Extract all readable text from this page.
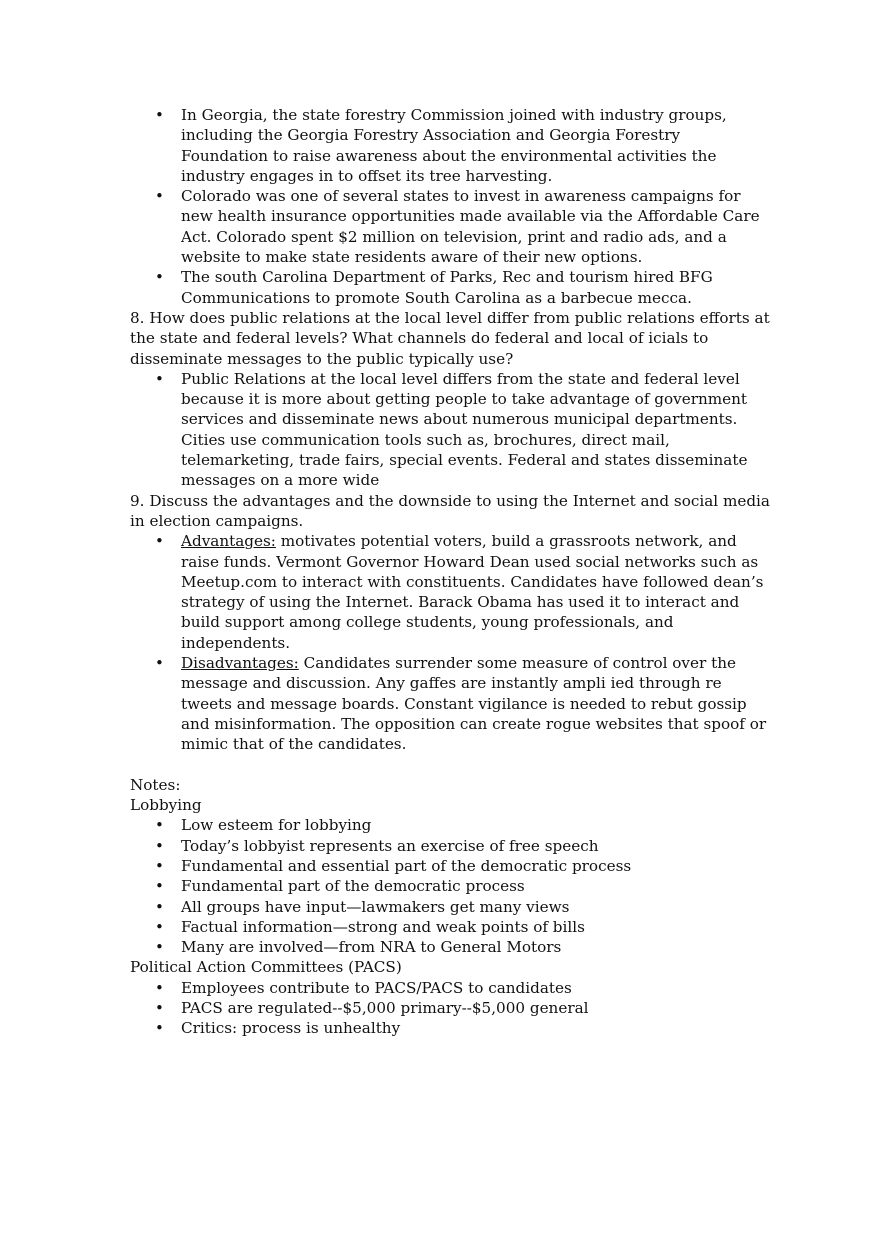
• In Georgia, the state forestry Commission joined with industry groups, including the Georgia Forestry Association and Georgia Forestry Foundation to raise awareness about the environmental activities the industry engages in to offset its tree harvesting.
• Colorado was one of several states to invest in awareness campaigns for new health insurance opportunities made available via the Affordable Care Act. Colorado spent $2 million on television, print and radio ads, and a website to make state residents aware of their new options.
• The south Carolina Department of Parks, Rec and tourism hired BFG Communications to promote South Carolina as a barbecue mecca.

8. How does public relations at the local level differ from public relations efforts at the state and federal levels? What channels do federal and local of icials to disseminate messages to the public typically use?

• Public Relations at the local level differs from the state and federal level because it is more about getting people to take advantage of government services and disseminate news about numerous municipal departments. Cities use communication tools such as, brochures, direct mail, telemarketing, trade fairs, special events. Federal and states disseminate messages on a more wide

9. Discuss the advantages and the downside to using the Internet and social media in election campaigns.

• Advantages: motivates potential voters, build a grassroots network, and raise funds. Vermont Governor Howard Dean used social networks such as Meetup.com to interact with constituents. Candidates have followed dean’s strategy of using the Internet. Barack Obama has used it to interact and build support among college students, young professionals, and independents.
• Disadvantages: Candidates surrender some measure of control over the message and discussion. Any gaffes are instantly ampli ied through re tweets and message boards. Constant vigilance is needed to rebut gossip and misinformation. The opposition can create rogue websites that spoof or mimic that of the candidates.

Notes:

Lobbying

• Low esteem for lobbying
• Today’s lobbyist represents an exercise of free speech
• Fundamental and essential part of the democratic process
• Fundamental part of the democratic process
• All groups have input—lawmakers get many views
• Factual information—strong and weak points of bills
• Many are involved—from NRA to General Motors

Political Action Committees (PACS)

• Employees contribute to PACS/PACS to candidates
• PACS are regulated--$5,000 primary--$5,000 general
• Critics: process is unhealthy
